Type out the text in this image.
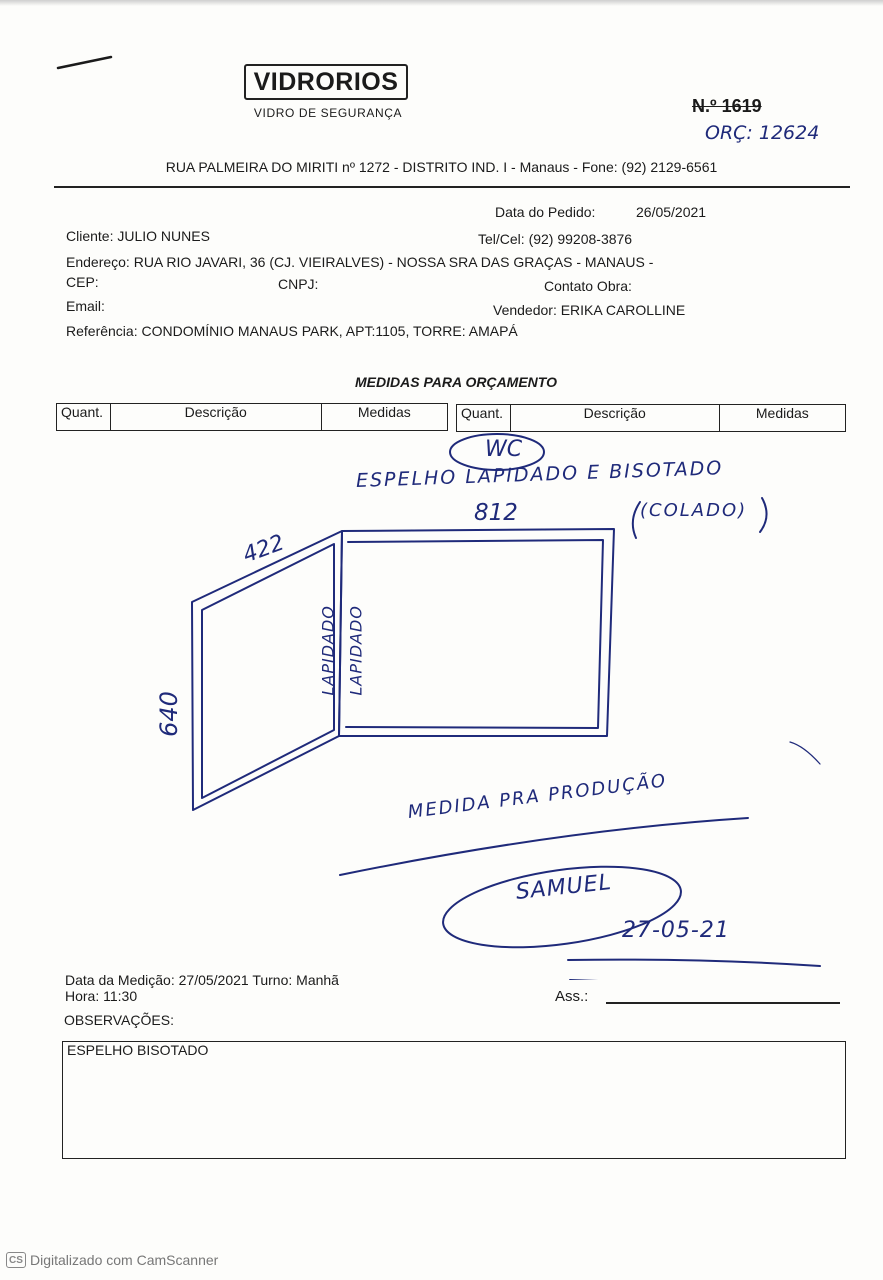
VIDRORIOS
VIDRO DE SEGURANÇA	N.º 1619
ORÇ: 12624
RUA PALMEIRA DO MIRITI nº 1272 - DISTRITO IND. I - Manaus - Fone: (92) 2129-6561
Data do Pedido:	26/05/2021
Cliente: JULIO NUNES	Tel/Cel: (92) 99208-3876
Endereço: RUA RIO JAVARI, 36 (CJ. VIEIRALVES) - NOSSA SRA DAS GRAÇAS - MANAUS -
CEP:	CNPJ:	Contato Obra:
Email:	Vendedor: ERIKA CAROLLINE
Referência: CONDOMÍNIO MANAUS PARK, APT:1105, TORRE: AMAPÁ
MEDIDAS PARA ORÇAMENTO
Quant.	Descrição	Medidas	Quant.	Descrição	Medidas
WC
ESPELHO LAPIDADO E BISOTADO
812	(COLADO)
422
640
LAPIDADO LAPIDADO
MEDIDA PRA PRODUÇÃO
SAMUEL
27-05-21
Data da Medição: 27/05/2021 Turno: Manhã
Hora: 11:30	Ass.:
OBSERVAÇÕES:
ESPELHO BISOTADO
CS Digitalizado com CamScanner
